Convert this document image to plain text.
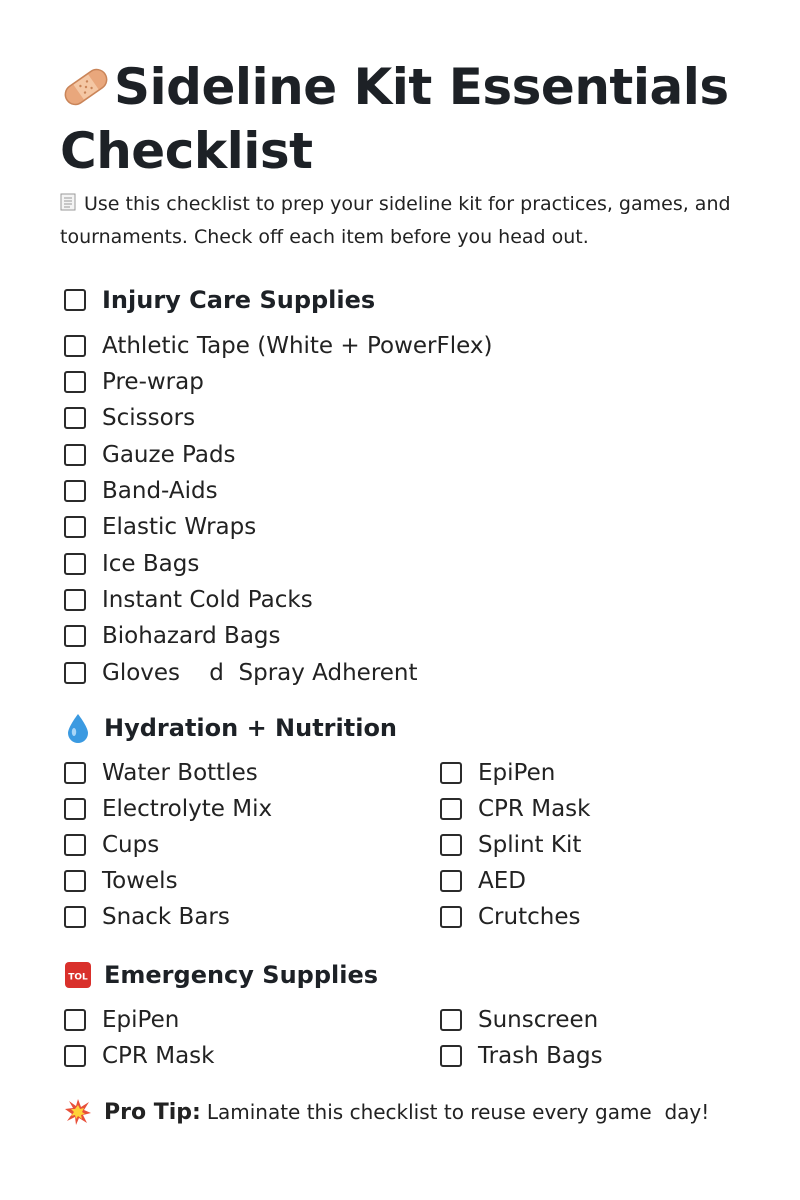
Sideline Kit Essentials Checklist

Use this checklist to prep your sideline kit for practices, games, and tournaments. Check off each item before you head out.

Injury Care Supplies
Athletic Tape (White + PowerFlex)
Pre-wrap
Scissors
Gauze Pads
Band-Aids
Elastic Wraps
Ice Bags
Instant Cold Packs
Biohazard Bags
Gloves    d  Spray Adherent
Hydration + Nutrition
Water Bottles
Electrolyte Mix
Cups
Towels
Snack Bars
EpiPen
CPR Mask
Splint Kit
AED
Crutches
TOL Emergency Supplies
EpiPen
CPR Mask
Sunscreen
Trash Bags
Pro Tip: Laminate this checklist to reuse every game  day!
